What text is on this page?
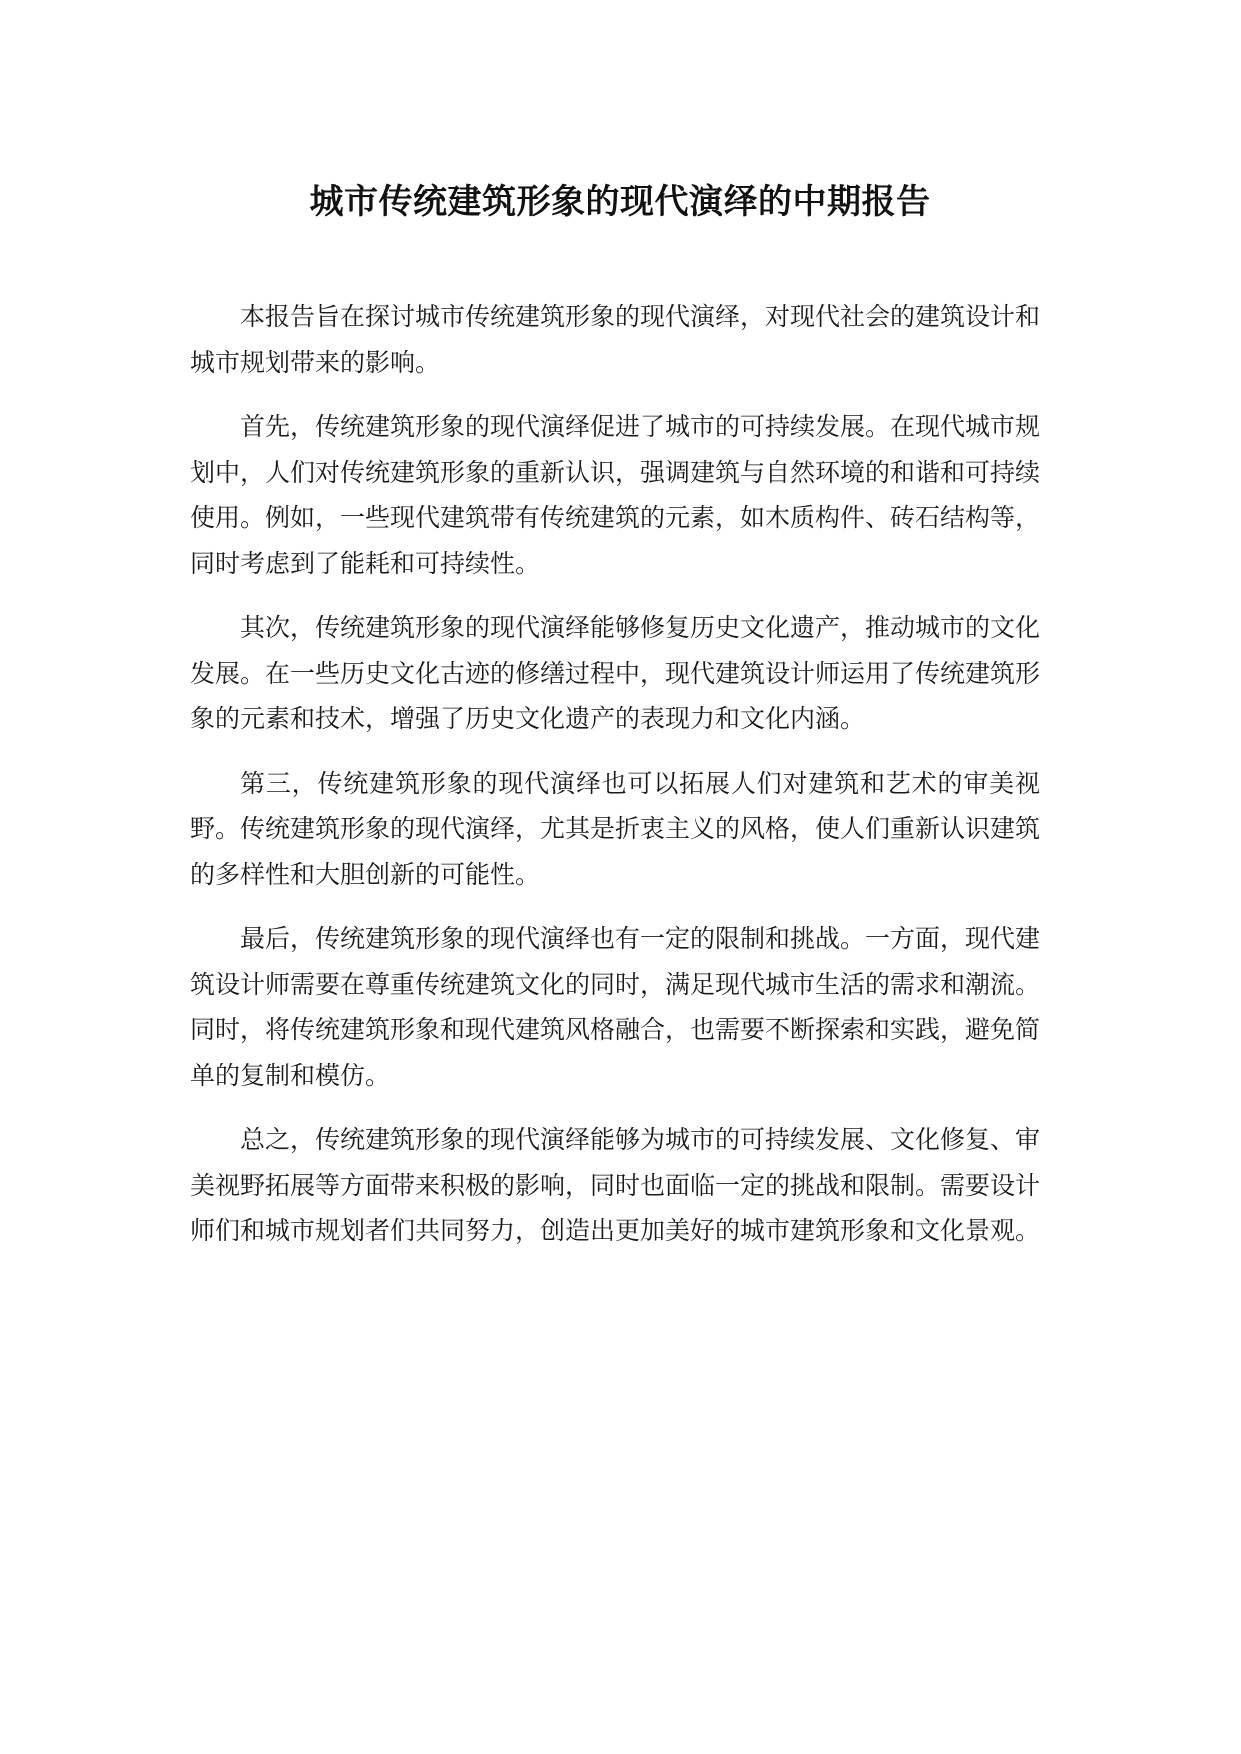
城市传统建筑形象的现代演绎的中期报告

本报告旨在探讨城市传统建筑形象的现代演绎，对现代社会的建筑设计和城市规划带来的影响。

首先，传统建筑形象的现代演绎促进了城市的可持续发展。在现代城市规划中，人们对传统建筑形象的重新认识，强调建筑与自然环境的和谐和可持续使用。例如，一些现代建筑带有传统建筑的元素，如木质构件、砖石结构等，同时考虑到了能耗和可持续性。

其次，传统建筑形象的现代演绎能够修复历史文化遗产，推动城市的文化发展。在一些历史文化古迹的修缮过程中，现代建筑设计师运用了传统建筑形象的元素和技术，增强了历史文化遗产的表现力和文化内涵。

第三，传统建筑形象的现代演绎也可以拓展人们对建筑和艺术的审美视野。传统建筑形象的现代演绎，尤其是折衷主义的风格，使人们重新认识建筑的多样性和大胆创新的可能性。

最后，传统建筑形象的现代演绎也有一定的限制和挑战。一方面，现代建筑设计师需要在尊重传统建筑文化的同时，满足现代城市生活的需求和潮流。同时，将传统建筑形象和现代建筑风格融合，也需要不断探索和实践，避免简单的复制和模仿。

总之，传统建筑形象的现代演绎能够为城市的可持续发展、文化修复、审美视野拓展等方面带来积极的影响，同时也面临一定的挑战和限制。需要设计师们和城市规划者们共同努力，创造出更加美好的城市建筑形象和文化景观。
